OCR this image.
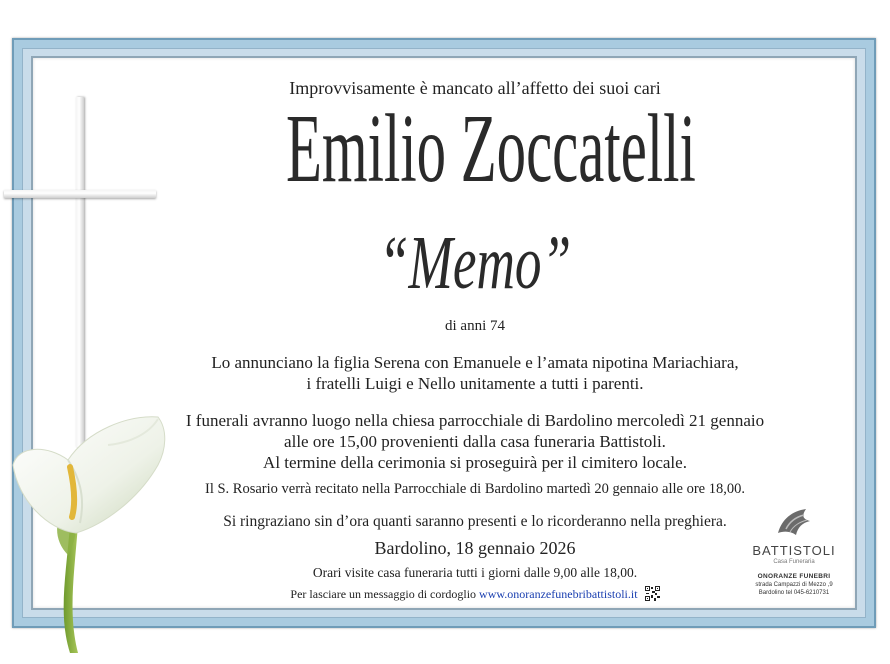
Improvvisamente è mancato all’affetto dei suoi cari
Emilio Zoccatelli
“Memo”
di anni 74
Lo annunciano la figlia Serena con Emanuele e l’amata nipotina Mariachiara,
i fratelli Luigi e Nello unitamente a tutti i parenti.
I funerali avranno luogo nella chiesa parrocchiale di Bardolino mercoledì 21 gennaio
alle ore 15,00 provenienti dalla casa funeraria Battistoli.
Al termine della cerimonia si proseguirà per il cimitero locale.
Il S. Rosario verrà recitato nella Parrocchiale di Bardolino martedì 20 gennaio alle ore 18,00.
Si ringraziano sin d’ora quanti saranno presenti e lo ricorderanno nella preghiera.
Bardolino, 18 gennaio 2026
Orari visite casa funeraria tutti i giorni dalle 9,00 alle 18,00.
Per lasciare un messaggio di cordoglio www.onoranzefunebribattistoli.it
BATTISTOLI
Casa Funeraria
ONORANZE FUNEBRI
strada Campazzi di Mezzo ,9
Bardolino tel 045-6210731
